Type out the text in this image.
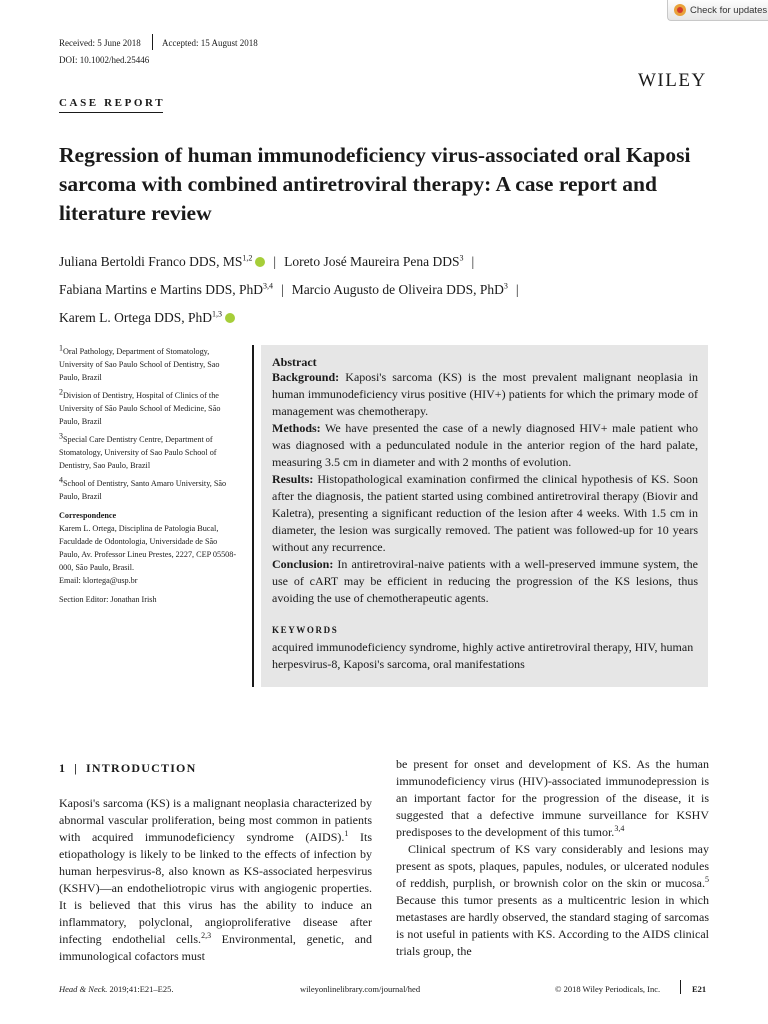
Check for updates
Received: 5 June 2018 Accepted: 15 August 2018
DOI: 10.1002/hed.25446
WILEY
CASE REPORT
Regression of human immunodeficiency virus-associated oral Kaposi sarcoma with combined antiretroviral therapy: A case report and literature review
Juliana Bertoldi Franco DDS, MS$^{1,2}$iD | Loreto José Maureira Pena DDS$^3$ |
Fabiana Martins e Martins DDS, PhD$^{3,4}$ | Marcio Augusto de Oliveira DDS, PhD$^3$ |
Karem L. Ortega DDS, PhD$^{1,3}$iD

$^1$Oral Pathology, Department of Stomatology, University of Sao Paulo School of Dentistry, Sao Paulo, Brazil

$^2$Division of Dentistry, Hospital of Clinics of the University of São Paulo School of Medicine, São Paulo, Brazil

$^3$Special Care Dentistry Centre, Department of Stomatology, University of Sao Paulo School of Dentistry, Sao Paulo, Brazil

$^4$School of Dentistry, Santo Amaro University, São Paulo, Brazil

Correspondence

Karem L. Ortega, Disciplina de Patologia Bucal, Faculdade de Odontologia, Universidade de São Paulo, Av. Professor Lineu Prestes, 2227, CEP 05508-000, São Paulo, Brasil.

Email: klortega@usp.br

Section Editor: Jonathan Irish

Abstract

Background: Kaposi's sarcoma (KS) is the most prevalent malignant neoplasia in human immunodeficiency virus positive (HIV+) patients for which the primary mode of management was chemotherapy.

Methods: We have presented the case of a newly diagnosed HIV+ male patient who was diagnosed with a pedunculated nodule in the anterior region of the hard palate, measuring 3.5 cm in diameter and with 2 months of evolution.

Results: Histopathological examination confirmed the clinical hypothesis of KS. Soon after the diagnosis, the patient started using combined antiretroviral therapy (Biovir and Kaletra), presenting a significant reduction of the lesion after 4 weeks. With 1.5 cm in diameter, the lesion was surgically removed. The patient was followed-up for 10 years without any recurrence.

Conclusion: In antiretroviral-naive patients with a well-preserved immune system, the use of cART may be efficient in reducing the progression of the KS lesions, thus avoiding the use of chemotherapeutic agents.

KEYWORDS
acquired immunodeficiency syndrome, highly active antiretroviral therapy, HIV, human herpesvirus-8, Kaposi's sarcoma, oral manifestations
1 | INTRODUCTION

Kaposi's sarcoma (KS) is a malignant neoplasia characterized by abnormal vascular proliferation, being most common in patients with acquired immunodeficiency syndrome (AIDS).$^1$ Its etiopathology is likely to be linked to the effects of infection by human herpesvirus-8, also known as KS-associated herpesvirus (KSHV)—an endotheliotropic virus with angiogenic properties. It is believed that this virus has the ability to induce an inflammatory, polyclonal, angioproliferative disease after infecting endothelial cells.$^{2,3}$ Environmental, genetic, and immunological cofactors must

be present for onset and development of KS. As the human immunodeficiency virus (HIV)-associated immunodepression is an important factor for the progression of the disease, it is suggested that a defective immune surveillance for KSHV predisposes to the development of this tumor.$^{3,4}$

Clinical spectrum of KS vary considerably and lesions may present as spots, plaques, papules, nodules, or ulcerated nodules of reddish, purplish, or brownish color on the skin or mucosa.$^5$ Because this tumor presents as a multicentric lesion in which metastases are hardly observed, the standard staging of sarcomas is not useful in patients with KS. According to the AIDS clinical trials group, the

Head & Neck. 2019;41:E21–E25.	wileyonlinelibrary.com/journal/hed	© 2018 Wiley Periodicals, Inc.	E21
